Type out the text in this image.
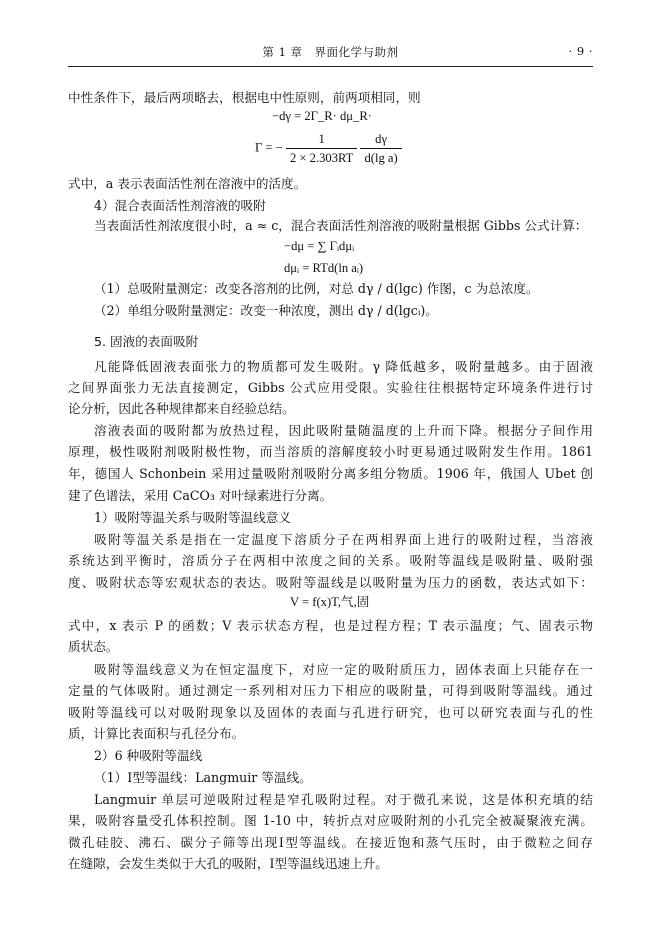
第 1 章　界面化学与助剂	· 9 ·
中性条件下，最后两项略去，根据电中性原则，前两项相同，则
−dγ = 2Γ_R· dμ_R·
Γ = − $\frac{1}{2 \times 2.303RT}$
$\frac{d\gamma}{\text{d(lg a)}}$
式中，a 表示表面活性剂在溶液中的活度。
4）混合表面活性剂溶液的吸附
当表面活性剂浓度很小时，a ≈ c，混合表面活性剂溶液的吸附量根据 Gibbs 公式计算：
−dμ = ∑ Γᵢdμᵢ
dμᵢ = RTd(ln aᵢ)
（1）总吸附量测定：改变各溶剂的比例，对总 dγ / d(lgc) 作图，c 为总浓度。
（2）单组分吸附量测定：改变一种浓度，测出 dγ / d(lgcᵢ)。
5. 固液的表面吸附
凡能降低固液表面张力的物质都可发生吸附。γ 降低越多，吸附量越多。由于固液
之间界面张力无法直接测定，Gibbs 公式应用受限。实验往往根据特定环境条件进行讨
论分析，因此各种规律都来自经验总结。
溶液表面的吸附都为放热过程，因此吸附量随温度的上升而下降。根据分子间作用
原理，极性吸附剂吸附极性物，而当溶质的溶解度较小时更易通过吸附发生作用。1861
年，德国人 Schonbein 采用过量吸附剂吸附分离多组分物质。1906 年，俄国人 Ubet 创
建了色谱法，采用 CaCO₃ 对叶绿素进行分离。
1）吸附等温关系与吸附等温线意义
吸附等温关系是指在一定温度下溶质分子在两相界面上进行的吸附过程，当溶液
系统达到平衡时，溶质分子在两相中浓度之间的关系。吸附等温线是吸附量、吸附强
度、吸附状态等宏观状态的表达。吸附等温线是以吸附量为压力的函数，表达式如下：
V = f(x)T,气,固
式中，x 表示 P 的函数；V 表示状态方程，也是过程方程；T 表示温度；气、固表示物
质状态。
吸附等温线意义为在恒定温度下，对应一定的吸附质压力，固体表面上只能存在一
定量的气体吸附。通过测定一系列相对压力下相应的吸附量，可得到吸附等温线。通过
吸附等温线可以对吸附现象以及固体的表面与孔进行研究，也可以研究表面与孔的性
质，计算比表面积与孔径分布。
2）6 种吸附等温线
（1）Ⅰ型等温线：Langmuir 等温线。
Langmuir 单层可逆吸附过程是窄孔吸附过程。对于微孔来说，这是体积充填的结
果，吸附容量受孔体积控制。图 1-10 中，转折点对应吸附剂的小孔完全被凝聚液充满。
微孔硅胶、沸石、碳分子筛等出现Ⅰ型等温线。在接近饱和蒸气压时，由于微粒之间存
在缝隙，会发生类似于大孔的吸附，Ⅰ型等温线迅速上升。
